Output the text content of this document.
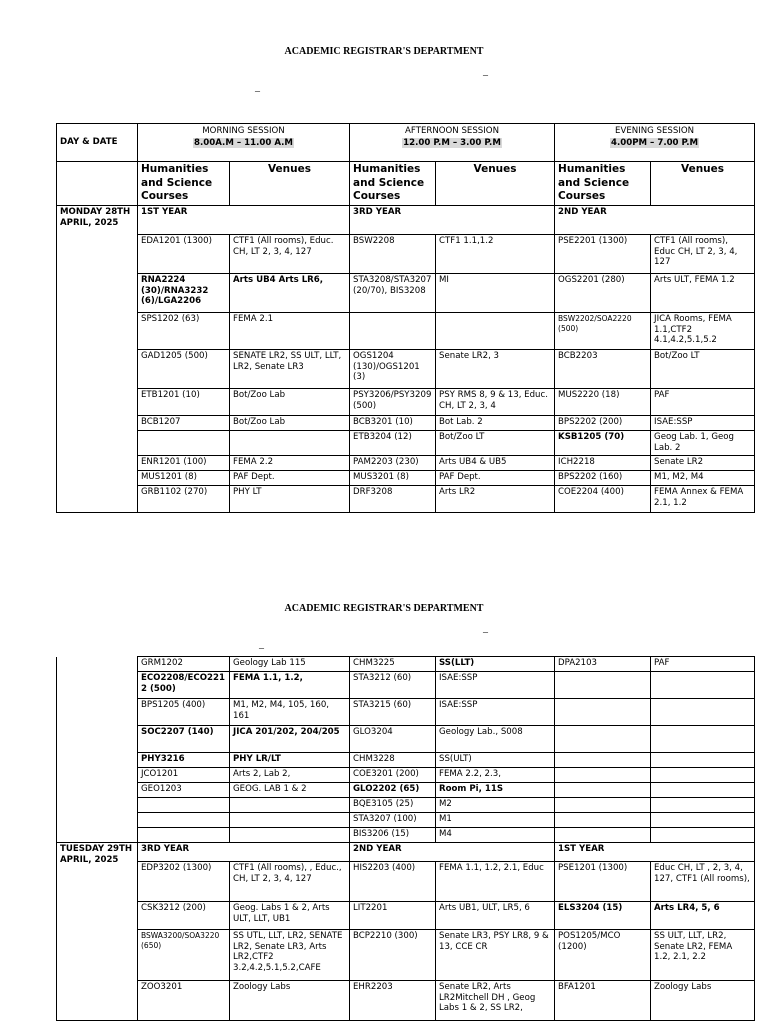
ACADEMIC REGISTRAR'S DEPARTMENT
–
–
DAY & DATE	MORNING SESSION
8.00A.M – 11.00 A.M		AFTERNOON SESSION
12.00 P.M – 3.00 P.M		EVENING SESSION
4.00PM – 7.00 P.M	
	Humanities and Science Courses	Venues	Humanities and Science Courses	Venues	Humanities and Science Courses	Venues
MONDAY 28TH APRIL, 2025	1ST YEAR		3RD YEAR		2ND YEAR	
	EDA1201 (1300)	CTF1 (All rooms), Educ. CH, LT 2, 3, 4, 127	BSW2208	CTF1 1.1,1.2	PSE2201 (1300)	CTF1 (All rooms), Educ CH, LT 2, 3, 4, 127
	RNA2224 (30)/RNA3232 (6)/LGA2206	Arts UB4 Arts LR6,	STA3208/STA3207 (20/70), BIS3208	MI	OGS2201 (280)	Arts ULT, FEMA 1.2
	SPS1202 (63)	FEMA 2.1			BSW2202/SOA2220 (500)	JICA Rooms, FEMA 1.1,CTF2 4.1,4.2,5.1,5.2
	GAD1205 (500)	SENATE LR2, SS ULT, LLT, LR2, Senate LR3	OGS1204 (130)/OGS1201 (3)	Senate LR2, 3	BCB2203	Bot/Zoo LT
	ETB1201 (10)	Bot/Zoo Lab	PSY3206/PSY3209 (500)	PSY RMS 8, 9 & 13, Educ. CH, LT 2, 3, 4	MUS2220 (18)	PAF
	BCB1207	Bot/Zoo Lab	BCB3201 (10)	Bot Lab. 2	BPS2202 (200)	ISAE:SSP
			ETB3204 (12)	Bot/Zoo LT	KSB1205 (70)	Geog Lab. 1, Geog Lab. 2
	ENR1201 (100)	FEMA 2.2	PAM2203 (230)	Arts UB4 & UB5	ICH2218	Senate LR2
	MUS1201 (8)	PAF Dept.	MUS3201 (8)	PAF Dept.	BPS2202 (160)	M1, M2, M4
	GRB1102 (270)	PHY LT	DRF3208	Arts LR2	COE2204 (400)	FEMA Annex & FEMA 2.1, 1.2
ACADEMIC REGISTRAR'S DEPARTMENT
–
–
	GRM1202	Geology Lab 115	CHM3225	SS(LLT)	DPA2103	PAF
	ECO2208/ECO2212 (500)	FEMA 1.1, 1.2,	STA3212 (60)	ISAE:SSP		
	BPS1205 (400)	M1, M2, M4, 105, 160, 161	STA3215 (60)	ISAE:SSP		
	SOC2207 (140)	JICA 201/202, 204/205	GLO3204	Geology Lab., S008		
	PHY3216	PHY LR/LT	CHM3228	SS(ULT)		
	JCO1201	Arts 2, Lab 2,	COE3201 (200)	FEMA 2.2, 2.3,		
	GEO1203	GEOG. LAB 1 & 2	GLO2202 (65)	Room Pi, 11S		
			BQE3105 (25)	M2		
			STA3207 (100)	M1		
			BIS3206 (15)	M4		
TUESDAY 29TH APRIL, 2025	3RD YEAR		2ND YEAR		1ST YEAR	
	EDP3202 (1300)	CTF1 (All rooms), , Educ., CH, LT 2, 3, 4, 127	HIS2203 (400)	FEMA 1.1, 1.2, 2.1, Educ	PSE1201 (1300)	Educ CH, LT , 2, 3, 4, 127, CTF1 (All rooms),
	CSK3212 (200)	Geog. Labs 1 & 2, Arts ULT, LLT, UB1	LIT2201	Arts UB1, ULT, LR5, 6	ELS3204 (15)	Arts LR4, 5, 6
	BSWA3200/SOA3220 (650)	SS UTL, LLT, LR2, SENATE LR2, Senate LR3, Arts LR2,CTF2 3.2,4.2,5.1,5.2,CAFE	BCP2210 (300)	Senate LR3, PSY LR8, 9 & 13, CCE CR	POS1205/MCO (1200)	SS ULT, LLT, LR2, Senate LR2, FEMA 1.2, 2.1, 2.2
	ZOO3201	Zoology Labs	EHR2203	Senate LR2, Arts LR2Mitchell DH , Geog Labs 1 & 2, SS LR2,	BFA1201	Zoology Labs
